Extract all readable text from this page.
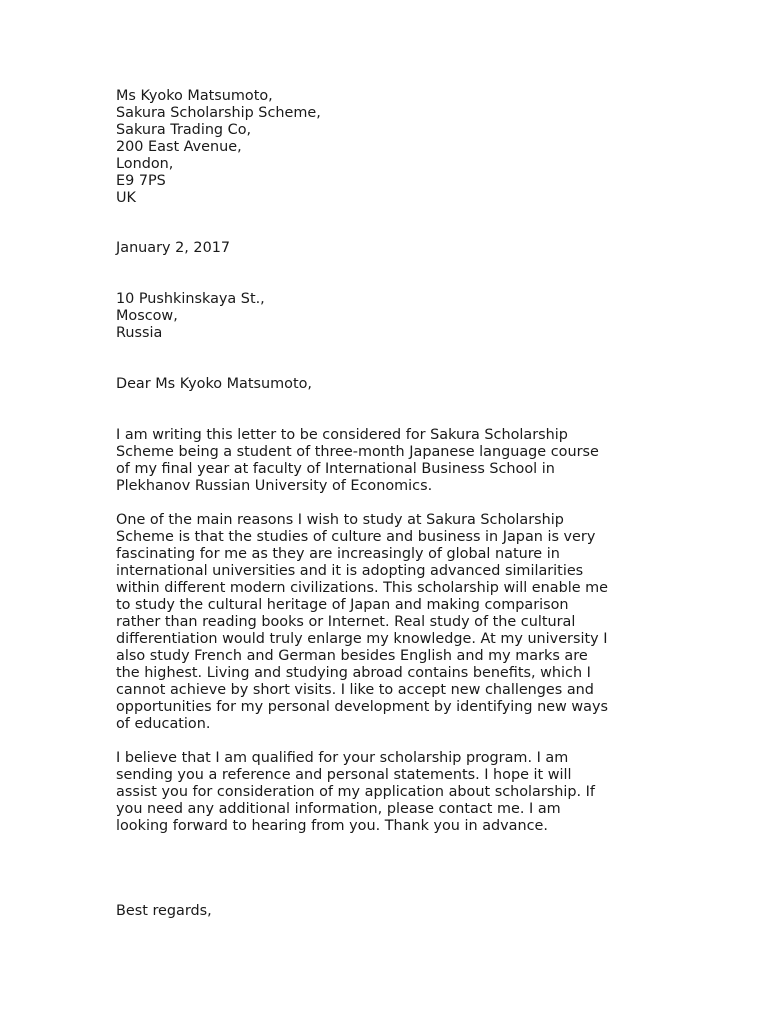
Ms Kyoko Matsumoto,
Sakura Scholarship Scheme,
Sakura Trading Co,
200 East Avenue,
London,
E9 7PS
UK
January 2, 2017
10 Pushkinskaya St.,
Moscow,
Russia
Dear Ms Kyoko Matsumoto,
I am writing this letter to be considered for Sakura Scholarship
Scheme being a student of three-month Japanese language course
of my final year at faculty of International Business School in
Plekhanov Russian University of Economics.
One of the main reasons I wish to study at Sakura Scholarship
Scheme is that the studies of culture and business in Japan is very
fascinating for me as they are increasingly of global nature in
international universities and it is adopting advanced similarities
within different modern civilizations. This scholarship will enable me
to study the cultural heritage of Japan and making comparison
rather than reading books or Internet. Real study of the cultural
differentiation would truly enlarge my knowledge. At my university I
also study French and German besides English and my marks are
the highest. Living and studying abroad contains benefits, which I
cannot achieve by short visits. I like to accept new challenges and
opportunities for my personal development by identifying new ways
of education.
I believe that I am qualified for your scholarship program. I am
sending you a reference and personal statements. I hope it will
assist you for consideration of my application about scholarship. If
you need any additional information, please contact me. I am
looking forward to hearing from you. Thank you in advance.
Best regards,
